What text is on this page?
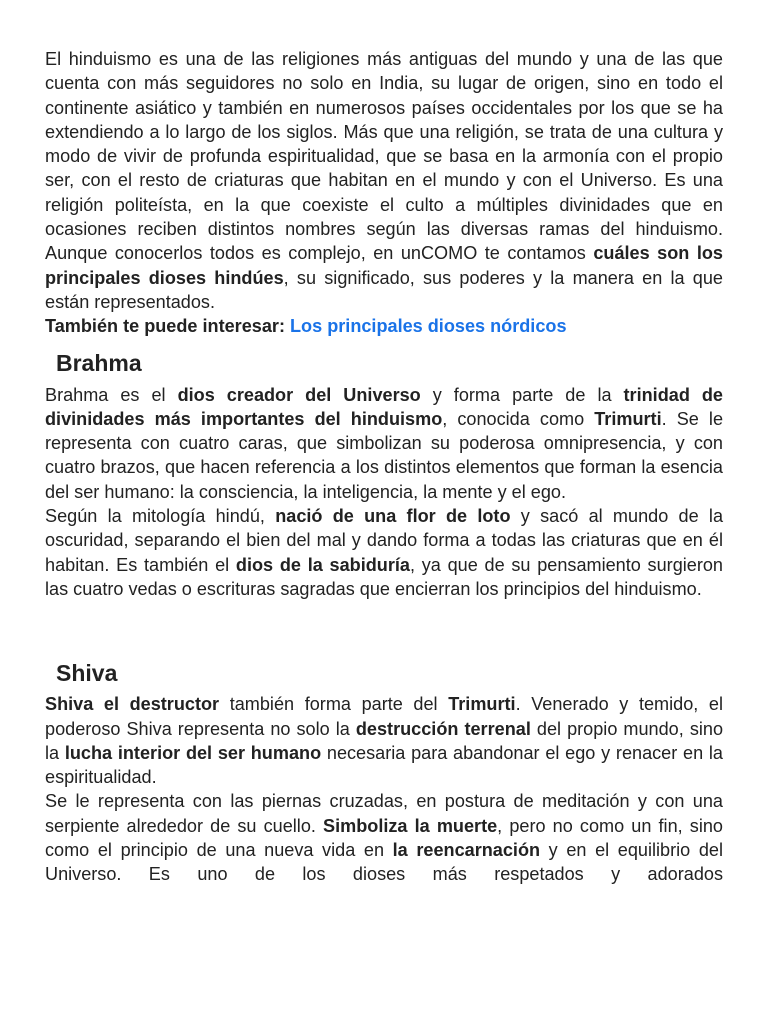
El hinduismo es una de las religiones más antiguas del mundo y una de las que cuenta con más seguidores no solo en India, su lugar de origen, sino en todo el continente asiático y también en numerosos países occidentales por los que se ha extendiendo a lo largo de los siglos. Más que una religión, se trata de una cultura y modo de vivir de profunda espiritualidad, que se basa en la armonía con el propio ser, con el resto de criaturas que habitan en el mundo y con el Universo. Es una religión politeísta, en la que coexiste el culto a múltiples divinidades que en ocasiones reciben distintos nombres según las diversas ramas del hinduismo. Aunque conocerlos todos es complejo, en unCOMO te contamos cuáles son los principales dioses hindúes, su significado, sus poderes y la manera en la que están representados.

También te puede interesar: Los principales dioses nórdicos

Brahma

Brahma es el dios creador del Universo y forma parte de la trinidad de divinidades más importantes del hinduismo, conocida como Trimurti. Se le representa con cuatro caras, que simbolizan su poderosa omnipresencia, y con cuatro brazos, que hacen referencia a los distintos elementos que forman la esencia del ser humano: la consciencia, la inteligencia, la mente y el ego.

Según la mitología hindú, nació de una flor de loto y sacó al mundo de la oscuridad, separando el bien del mal y dando forma a todas las criaturas que en él habitan. Es también el dios de la sabiduría, ya que de su pensamiento surgieron las cuatro vedas o escrituras sagradas que encierran los principios del hinduismo.

Shiva

Shiva el destructor también forma parte del Trimurti. Venerado y temido, el poderoso Shiva representa no solo la destrucción terrenal del propio mundo, sino la lucha interior del ser humano necesaria para abandonar el ego y renacer en la espiritualidad.

Se le representa con las piernas cruzadas, en postura de meditación y con una serpiente alrededor de su cuello. Simboliza la muerte, pero no como un fin, sino como el principio de una nueva vida en la reencarnación y en el equilibrio del Universo. Es uno de los dioses más respetados y adorados
